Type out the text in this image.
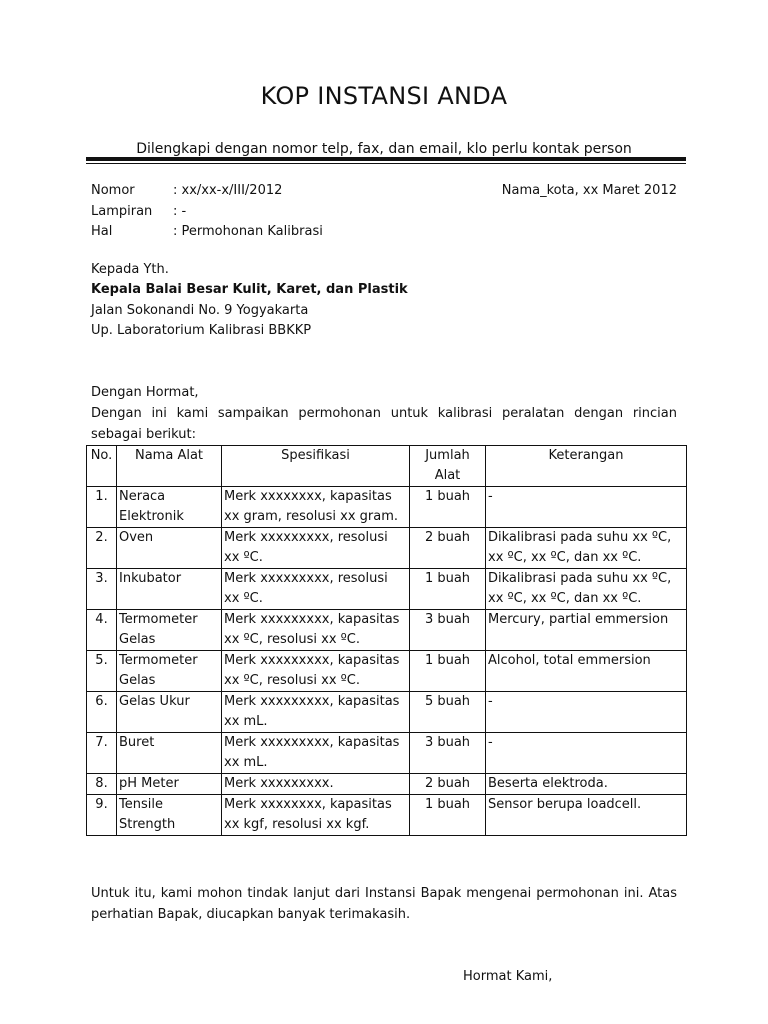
KOP INSTANSI ANDA
Dilengkapi dengan nomor telp, fax, dan email, klo perlu kontak person
Nomor	: xx/xx-x/III/2012
Lampiran : -
Hal	: Permohonan Kalibrasi
Nama_kota, xx Maret 2012
Kepada Yth.
Kepala Balai Besar Kulit, Karet, dan Plastik
Jalan Sokonandi No. 9 Yogyakarta
Up. Laboratorium Kalibrasi BBKKP
Dengan Hormat,
Dengan ini kami sampaikan permohonan untuk kalibrasi peralatan dengan rincian sebagai berikut:
No.	Nama Alat	Spesifikasi	Jumlah Alat	Keterangan
1.	Neraca Elektronik	Merk xxxxxxxx, kapasitas xx gram, resolusi xx gram.	1 buah	-
2.	Oven	Merk xxxxxxxxx, resolusi xx ºC.	2 buah	Dikalibrasi pada suhu xx ºC, xx ºC, xx ºC, dan xx ºC.
3.	Inkubator	Merk xxxxxxxxx, resolusi xx ºC.	1 buah	Dikalibrasi pada suhu xx ºC, xx ºC, xx ºC, dan xx ºC.
4.	Termometer Gelas	Merk xxxxxxxxx, kapasitas xx ºC, resolusi xx ºC.	3 buah	Mercury, partial emmersion
5.	Termometer Gelas	Merk xxxxxxxxx, kapasitas xx ºC, resolusi xx ºC.	1 buah	Alcohol, total emmersion
6.	Gelas Ukur	Merk xxxxxxxxx, kapasitas xx mL.	5 buah	-
7.	Buret	Merk xxxxxxxxx, kapasitas xx mL.	3 buah	-
8.	pH Meter	Merk xxxxxxxxx.	2 buah	Beserta elektroda.
9.	Tensile Strength	Merk xxxxxxxx, kapasitas xx kgf, resolusi xx kgf.	1 buah	Sensor berupa loadcell.
Untuk itu, kami mohon tindak lanjut dari Instansi Bapak mengenai permohonan ini. Atas perhatian Bapak, diucapkan banyak terimakasih.
Hormat Kami,
